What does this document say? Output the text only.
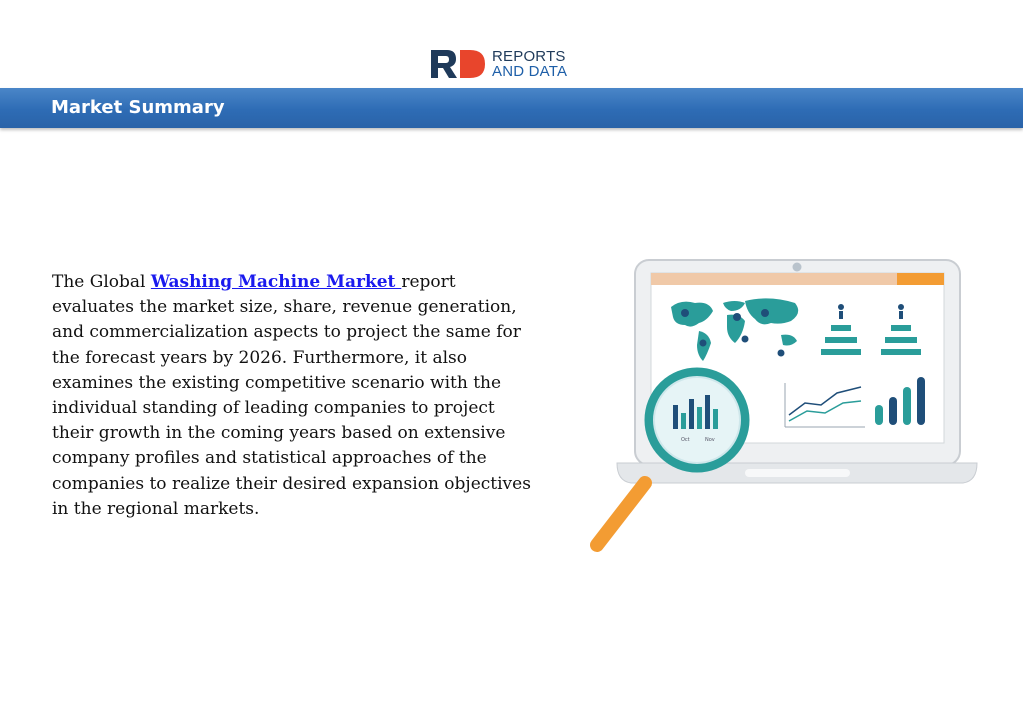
REPORTS
AND DATA
Market Summary
The Global Washing Machine Market report evaluates the market size, share, revenue generation, and commercialization aspects to project the same for the forecast years by 2026. Furthermore, it also examines the existing competitive scenario with the individual standing of leading companies to project their growth in the coming years based on extensive company profiles and statistical approaches of the companies to realize their desired expansion objectives in the regional markets.
Oct	Nov
